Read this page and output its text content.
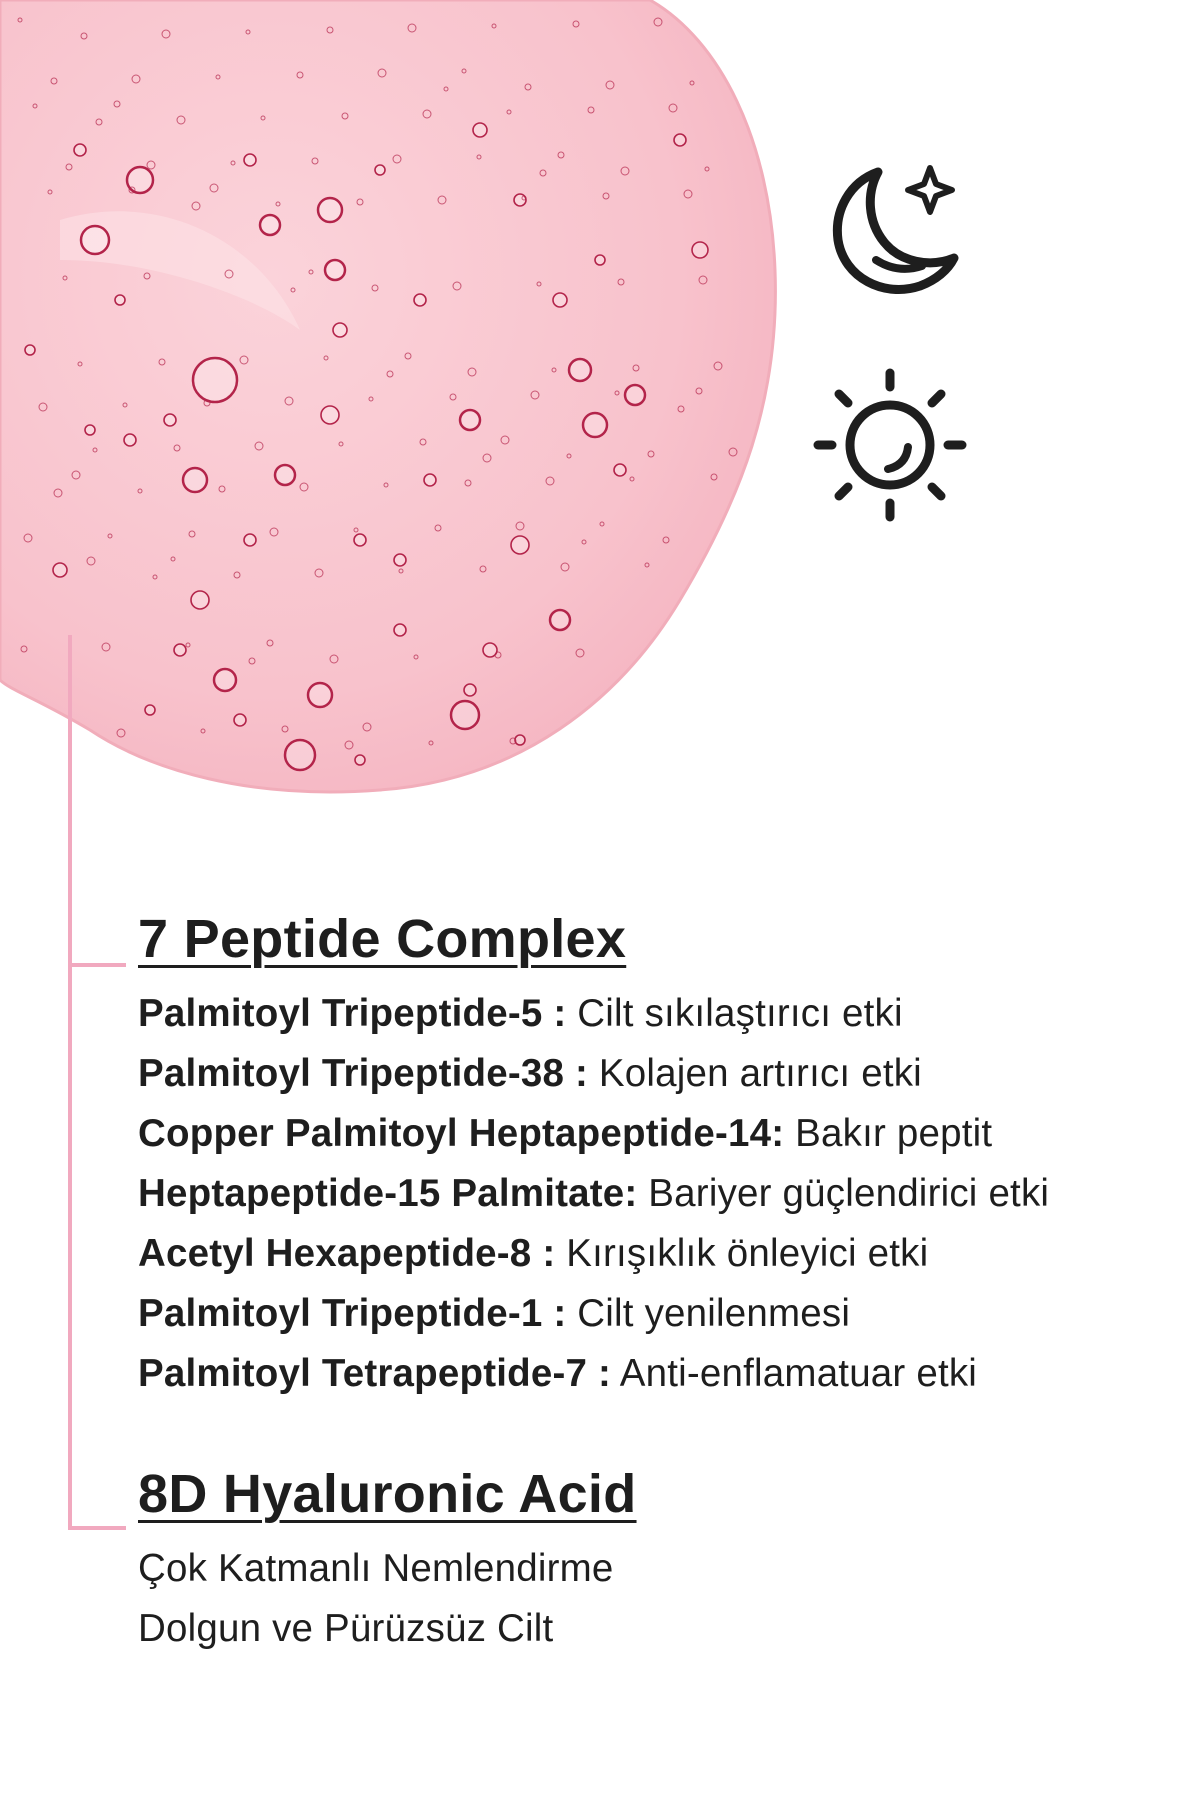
7 Peptide Complex
Palmitoyl Tripeptide-5 : Cilt sıkılaştırıcı etki
Palmitoyl Tripeptide-38 : Kolajen artırıcı etki
Copper Palmitoyl Heptapeptide-14: Bakır peptit
Heptapeptide-15 Palmitate: Bariyer güçlendirici etki
Acetyl Hexapeptide-8 : Kırışıklık önleyici etki
Palmitoyl Tripeptide-1 : Cilt yenilenmesi
Palmitoyl Tetrapeptide-7 : Anti-enflamatuar etki
8D Hyaluronic Acid
Çok Katmanlı Nemlendirme
Dolgun ve Pürüzsüz Cilt
